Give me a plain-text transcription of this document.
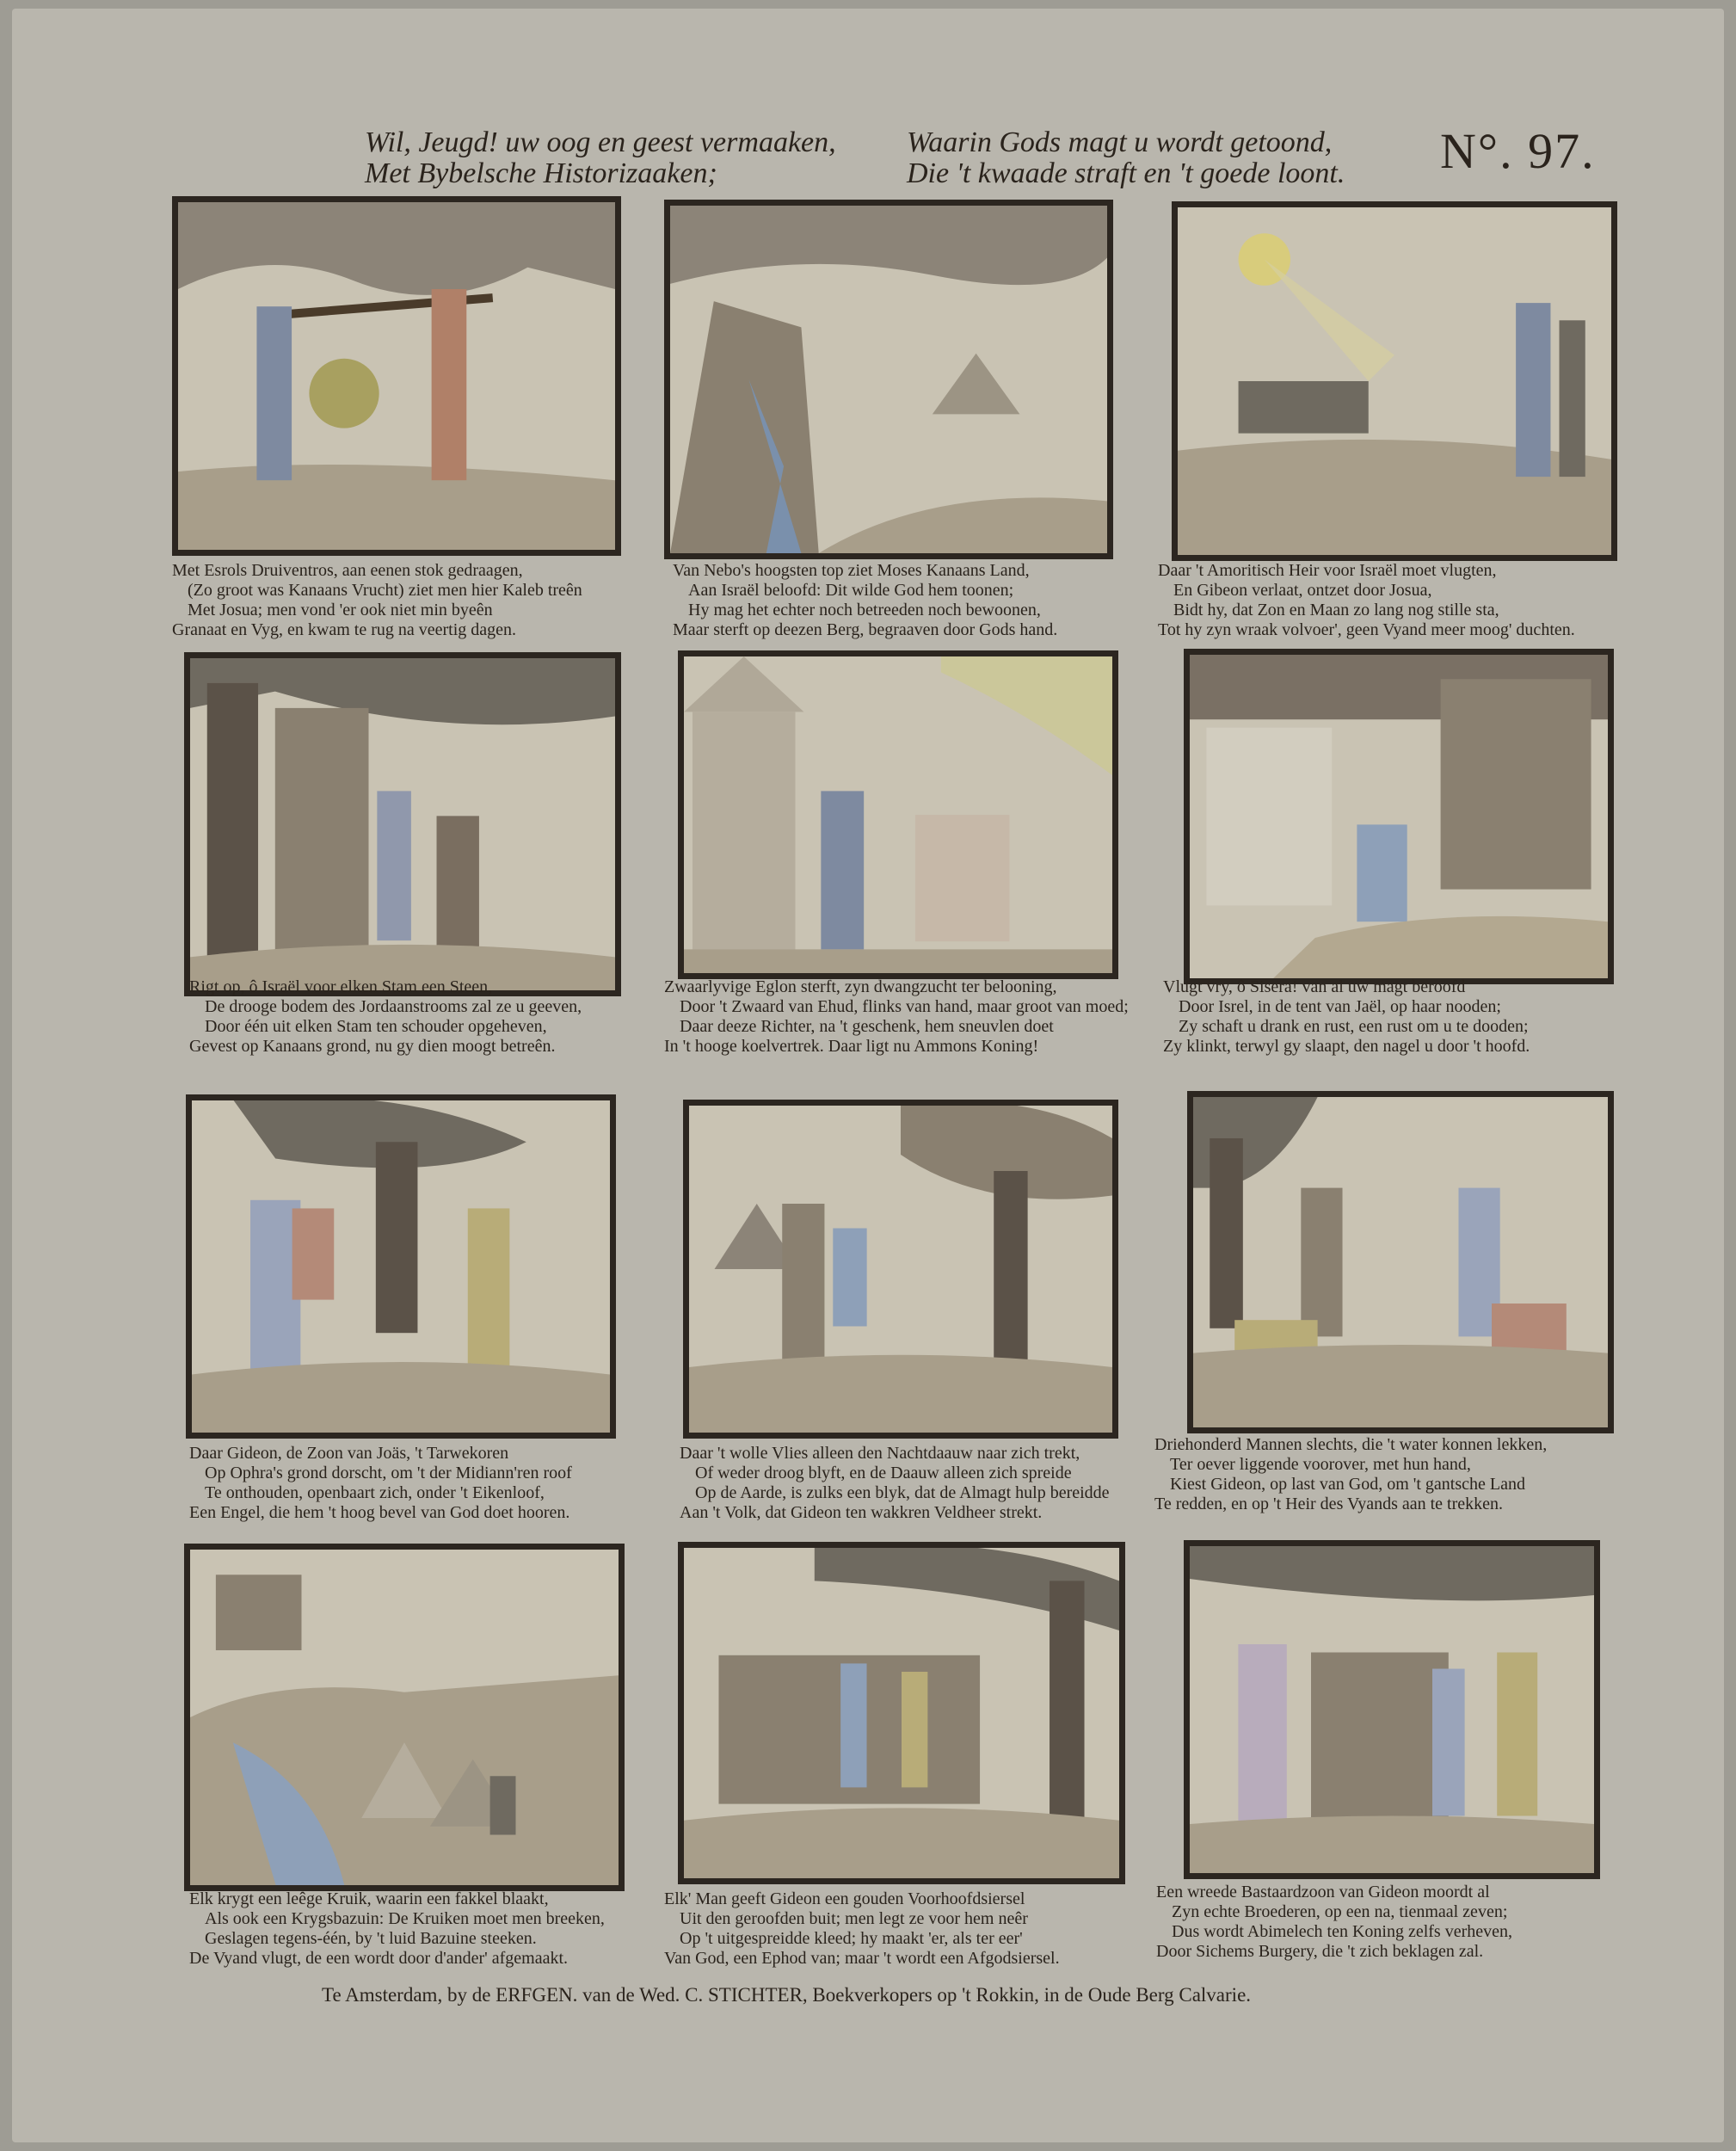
Wil, Jeugd! uw oog en geest vermaaken,
Met Bybelsche Historizaaken;
Waarin Gods magt u wordt getoond,
Die 't kwaade straft en 't goede loont.	N°. 97.
Met Esrols Druiventros, aan eenen stok gedraagen,
(Zo groot was Kanaans Vrucht) ziet men hier Kaleb treên
Met Josua; men vond 'er ook niet min byeên
Granaat en Vyg, en kwam te rug na veertig dagen.
Van Nebo's hoogsten top ziet Moses Kanaans Land,
Aan Israël beloofd: Dit wilde God hem toonen;
Hy mag het echter noch betreeden noch bewoonen,
Maar sterft op deezen Berg, begraaven door Gods hand.
Daar 't Amoritisch Heir voor Israël moet vlugten,
En Gibeon verlaat, ontzet door Josua,
Bidt hy, dat Zon en Maan zo lang nog stille sta,
Tot hy zyn wraak volvoer', geen Vyand meer moog' duchten.
Rigt op, ô Israël voor elken Stam een Steen,
De drooge bodem des Jordaanstrooms zal ze u geeven,
Door één uit elken Stam ten schouder opgeheven,
Gevest op Kanaans grond, nu gy dien moogt betreên.
Zwaarlyvige Eglon sterft, zyn dwangzucht ter belooning,
Door 't Zwaard van Ehud, flinks van hand, maar groot van moed;
Daar deeze Richter, na 't geschenk, hem sneuvlen doet
In 't hooge koelvertrek. Daar ligt nu Ammons Koning!
Vlugt vry, ô Sisera! van al uw magt beroofd
Door Isrel, in de tent van Jaël, op haar nooden;
Zy schaft u drank en rust, een rust om u te dooden;
Zy klinkt, terwyl gy slaapt, den nagel u door 't hoofd.
Daar Gideon, de Zoon van Joäs, 't Tarwekoren
Op Ophra's grond dorscht, om 't der Midiann'ren roof
Te onthouden, openbaart zich, onder 't Eikenloof,
Een Engel, die hem 't hoog bevel van God doet hooren.
Daar 't wolle Vlies alleen den Nachtdaauw naar zich trekt,
Of weder droog blyft, en de Daauw alleen zich spreide
Op de Aarde, is zulks een blyk, dat de Almagt hulp bereidde
Aan 't Volk, dat Gideon ten wakkren Veldheer strekt.
Driehonderd Mannen slechts, die 't water konnen lekken,
Ter oever liggende voorover, met hun hand,
Kiest Gideon, op last van God, om 't gantsche Land
Te redden, en op 't Heir des Vyands aan te trekken.
Elk krygt een leêge Kruik, waarin een fakkel blaakt,
Als ook een Krygsbazuin: De Kruiken moet men breeken,
Geslagen tegens-één, by 't luid Bazuine steeken.
De Vyand vlugt, de een wordt door d'ander' afgemaakt.
Elk' Man geeft Gideon een gouden Voorhoofdsiersel
Uit den geroofden buit; men legt ze voor hem neêr
Op 't uitgespreidde kleed; hy maakt 'er, als ter eer'
Van God, een Ephod van; maar 't wordt een Afgodsiersel.
Een wreede Bastaardzoon van Gideon moordt al
Zyn echte Broederen, op een na, tienmaal zeven;
Dus wordt Abimelech ten Koning zelfs verheven,
Door Sichems Burgery, die 't zich beklagen zal.
Te Amsterdam, by de ERFGEN. van de Wed. C. STICHTER, Boekverkopers op 't Rokkin, in de Oude Berg Calvarie.
